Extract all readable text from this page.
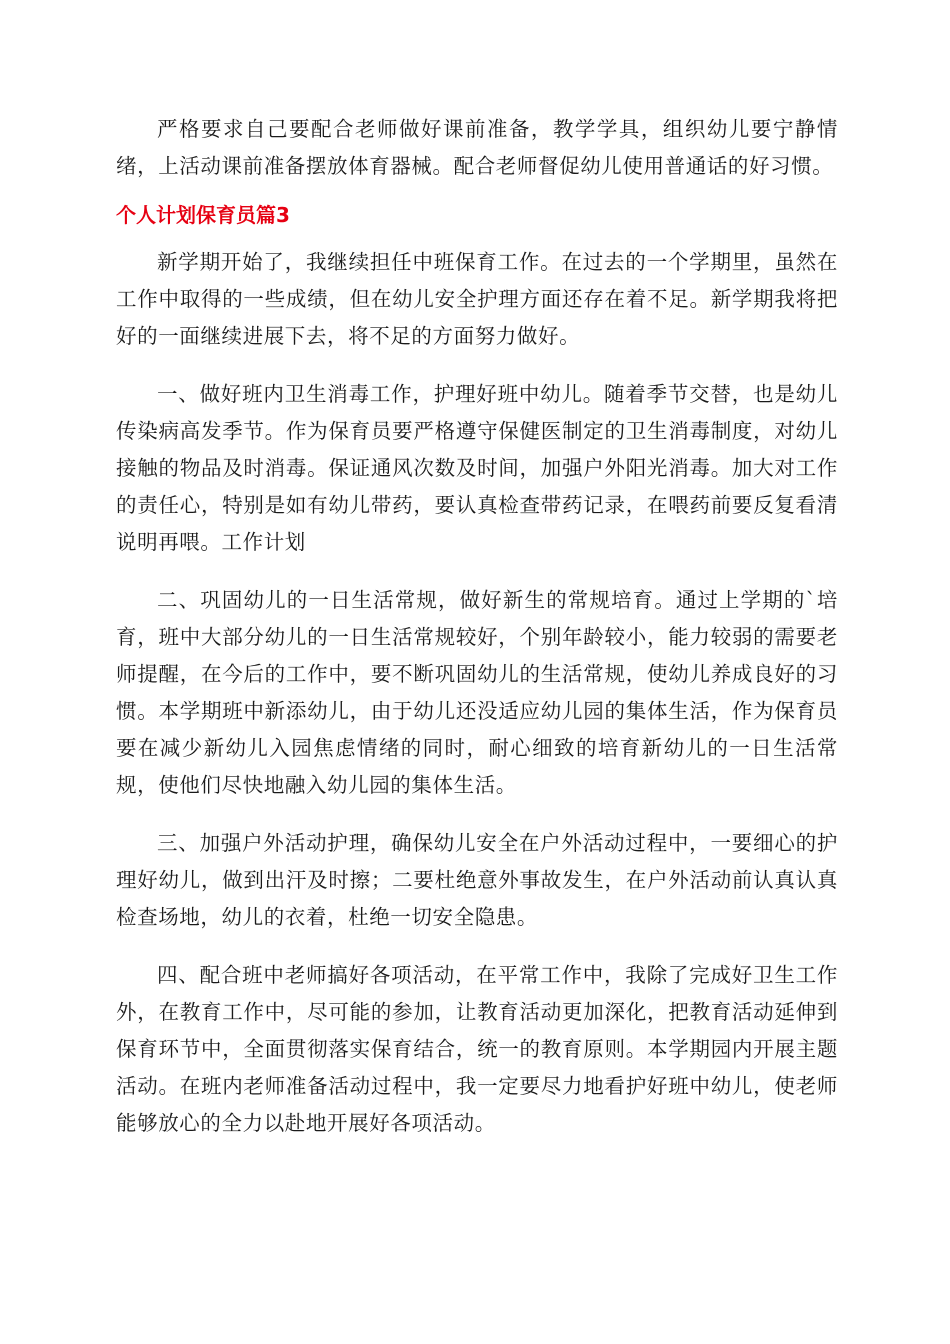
严格要求自己要配合老师做好课前准备，教学学具，组织幼儿要宁静情绪，上活动课前准备摆放体育器械。配合老师督促幼儿使用普通话的好习惯。

个人计划保育员篇3

新学期开始了，我继续担任中班保育工作。在过去的一个学期里，虽然在工作中取得的一些成绩，但在幼儿安全护理方面还存在着不足。新学期我将把好的一面继续进展下去，将不足的方面努力做好。

一、做好班内卫生消毒工作，护理好班中幼儿。随着季节交替，也是幼儿传染病高发季节。作为保育员要严格遵守保健医制定的卫生消毒制度，对幼儿接触的物品及时消毒。保证通风次数及时间，加强户外阳光消毒。加大对工作的责任心，特别是如有幼儿带药，要认真检查带药记录，在喂药前要反复看清说明再喂。工作计划

二、巩固幼儿的一日生活常规，做好新生的常规培育。通过上学期的`培育，班中大部分幼儿的一日生活常规较好，个别年龄较小，能力较弱的需要老师提醒，在今后的工作中，要不断巩固幼儿的生活常规，使幼儿养成良好的习惯。本学期班中新添幼儿，由于幼儿还没适应幼儿园的集体生活，作为保育员要在减少新幼儿入园焦虑情绪的同时，耐心细致的培育新幼儿的一日生活常规，使他们尽快地融入幼儿园的集体生活。

三、加强户外活动护理，确保幼儿安全在户外活动过程中，一要细心的护理好幼儿，做到出汗及时擦；二要杜绝意外事故发生，在户外活动前认真认真检查场地，幼儿的衣着，杜绝一切安全隐患。

四、配合班中老师搞好各项活动，在平常工作中，我除了完成好卫生工作外，在教育工作中，尽可能的参加，让教育活动更加深化，把教育活动延伸到保育环节中，全面贯彻落实保育结合，统一的教育原则。本学期园内开展主题活动。在班内老师准备活动过程中，我一定要尽力地看护好班中幼儿，使老师能够放心的全力以赴地开展好各项活动。
